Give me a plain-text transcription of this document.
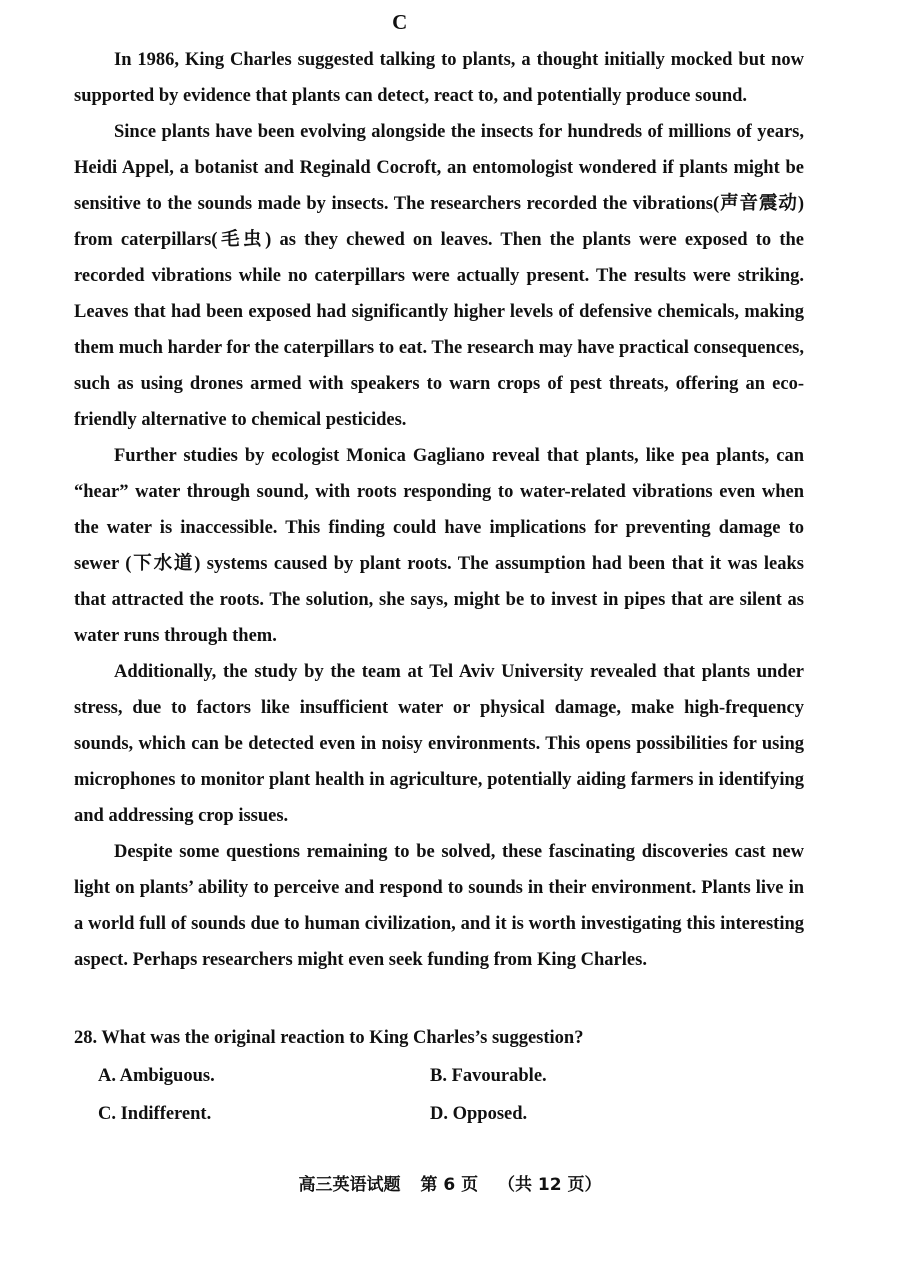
C

In 1986, King Charles suggested talking to plants, a thought initially mocked but now supported by evidence that plants can detect, react to, and potentially produce sound.

Since plants have been evolving alongside the insects for hundreds of millions of years, Heidi Appel, a botanist and Reginald Cocroft, an entomologist wondered if plants might be sensitive to the sounds made by insects. The researchers recorded the vibrations(声音震动) from caterpillars(毛虫) as they chewed on leaves. Then the plants were exposed to the recorded vibrations while no caterpillars were actually present. The results were striking. Leaves that had been exposed had significantly higher levels of defensive chemicals, making them much harder for the caterpillars to eat. The research may have practical consequences, such as using drones armed with speakers to warn crops of pest threats, offering an eco-friendly alternative to chemical pesticides.

Further studies by ecologist Monica Gagliano reveal that plants, like pea plants, can “hear” water through sound, with roots responding to water-related vibrations even when the water is inaccessible. This finding could have implications for preventing damage to sewer (下水道) systems caused by plant roots. The assumption had been that it was leaks that attracted the roots. The solution, she says, might be to invest in pipes that are silent as water runs through them.

Additionally, the study by the team at Tel Aviv University revealed that plants under stress, due to factors like insufficient water or physical damage, make high-frequency sounds, which can be detected even in noisy environments. This opens possibilities for using microphones to monitor plant health in agriculture, potentially aiding farmers in identifying and addressing crop issues.

Despite some questions remaining to be solved, these fascinating discoveries cast new light on plants’ ability to perceive and respond to sounds in their environment. Plants live in a world full of sounds due to human civilization, and it is worth investigating this interesting aspect. Perhaps researchers might even seek funding from King Charles.

28. What was the original reaction to King Charles’s suggestion?

A. Ambiguous.	B. Favourable.
C. Indifferent.	D. Opposed.
高三英语试题 第 6 页 （共 12 页）
